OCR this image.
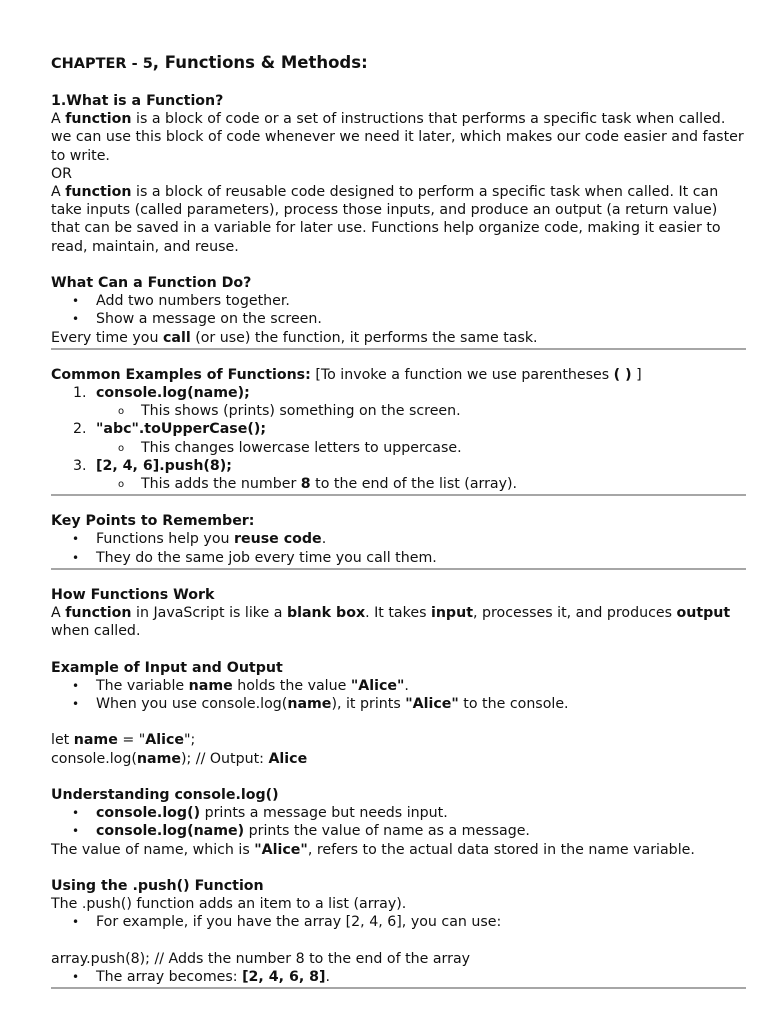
CHAPTER - 5, Functions & Methods:

1.What is a Function?

A function is a block of code or a set of instructions that performs a specific task when called. we can use this block of code whenever we need it later, which makes our code easier and faster to write.

OR

A function is a block of reusable code designed to perform a specific task when called. It can take inputs (called parameters), process those inputs, and produce an output (a return value) that can be saved in a variable for later use. Functions help organize code, making it easier to read, maintain, and reuse.

What Can a Function Do?

• Add two numbers together.
• Show a message on the screen.

Every time you call (or use) the function, it performs the same task.

Common Examples of Functions: [To invoke a function we use parentheses ( ) ]

1. console.log(name);
o This shows (prints) something on the screen.
2. "abc".toUpperCase();
o This changes lowercase letters to uppercase.
3. [2, 4, 6].push(8);
o This adds the number 8 to the end of the list (array).

Key Points to Remember:

• Functions help you reuse code.
• They do the same job every time you call them.

How Functions Work

A function in JavaScript is like a blank box. It takes input, processes it, and produces output when called.

Example of Input and Output

• The variable name holds the value "Alice".
• When you use console.log(name), it prints "Alice" to the console.

let name = "Alice";

console.log(name); // Output: Alice

Understanding console.log()

• console.log() prints a message but needs input.
• console.log(name) prints the value of name as a message.

The value of name, which is "Alice", refers to the actual data stored in the name variable.

Using the .push() Function

The .push() function adds an item to a list (array).

• For example, if you have the array [2, 4, 6], you can use:

array.push(8); // Adds the number 8 to the end of the array

• The array becomes: [2, 4, 6, 8].
